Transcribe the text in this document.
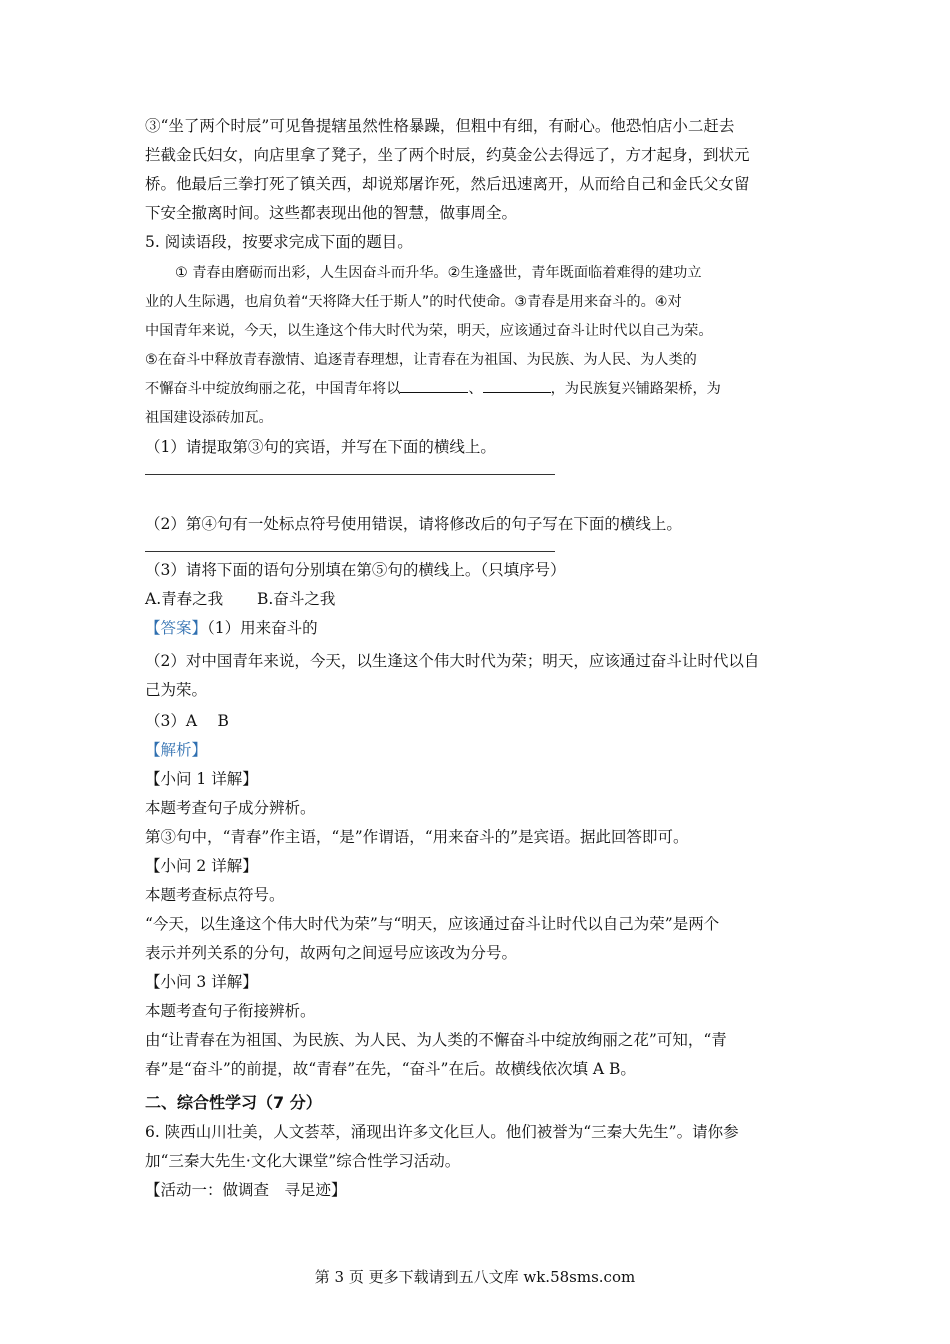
③“坐了两个时辰”可见鲁提辖虽然性格暴躁，但粗中有细，有耐心。他恐怕店小二赶去

拦截金氏妇女，向店里拿了凳子，坐了两个时辰，约莫金公去得远了，方才起身，到状元

桥。他最后三拳打死了镇关西，却说郑屠诈死，然后迅速离开，从而给自己和金氏父女留

下安全撤离时间。这些都表现出他的智慧，做事周全。

5. 阅读语段，按要求完成下面的题目。

① 青春由磨砺而出彩，人生因奋斗而升华。②生逢盛世，青年既面临着难得的建功立

业的人生际遇，也肩负着“天将降大任于斯人”的时代使命。③青春是用来奋斗的。④对

中国青年来说，今天，以生逢这个伟大时代为荣，明天，应该通过奋斗让时代以自己为荣。

⑤在奋斗中释放青春激情、追逐青春理想，让青春在为祖国、为民族、为人民、为人类的

不懈奋斗中绽放绚丽之花，中国青年将以	、	，为民族复兴铺路架桥，为

祖国建设添砖加瓦。

（1）请提取第③句的宾语，并写在下面的横线上。

（2）第④句有一处标点符号使用错误，请将修改后的句子写在下面的横线上。

（3）请将下面的语句分别填在第⑤句的横线上。（只填序号）

A.青春之我 B.奋斗之我

【答案】（1）用来奋斗的

（2）对中国青年来说，今天，以生逢这个伟大时代为荣；明天，应该通过奋斗让时代以自

己为荣。

（3）A　 B

【解析】

【小问 1 详解】

本题考查句子成分辨析。

第③句中，“青春”作主语，“是”作谓语，“用来奋斗的”是宾语。据此回答即可。

【小问 2 详解】

本题考查标点符号。

“今天，以生逢这个伟大时代为荣”与“明天，应该通过奋斗让时代以自己为荣”是两个

表示并列关系的分句，故两句之间逗号应该改为分号。

【小问 3 详解】

本题考查句子衔接辨析。

由“让青春在为祖国、为民族、为人民、为人类的不懈奋斗中绽放绚丽之花”可知，“青

春”是“奋斗”的前提，故“青春”在先，“奋斗”在后。故横线依次填 A B。

二、综合性学习（7 分）

6. 陕西山川壮美，人文荟萃，涌现出许多文化巨人。他们被誉为“三秦大先生”。请你参

加“三秦大先生·文化大课堂”综合性学习活动。

【活动一：做调查　寻足迹】

第 3 页 更多下载请到五八文库 wk.58sms.com
